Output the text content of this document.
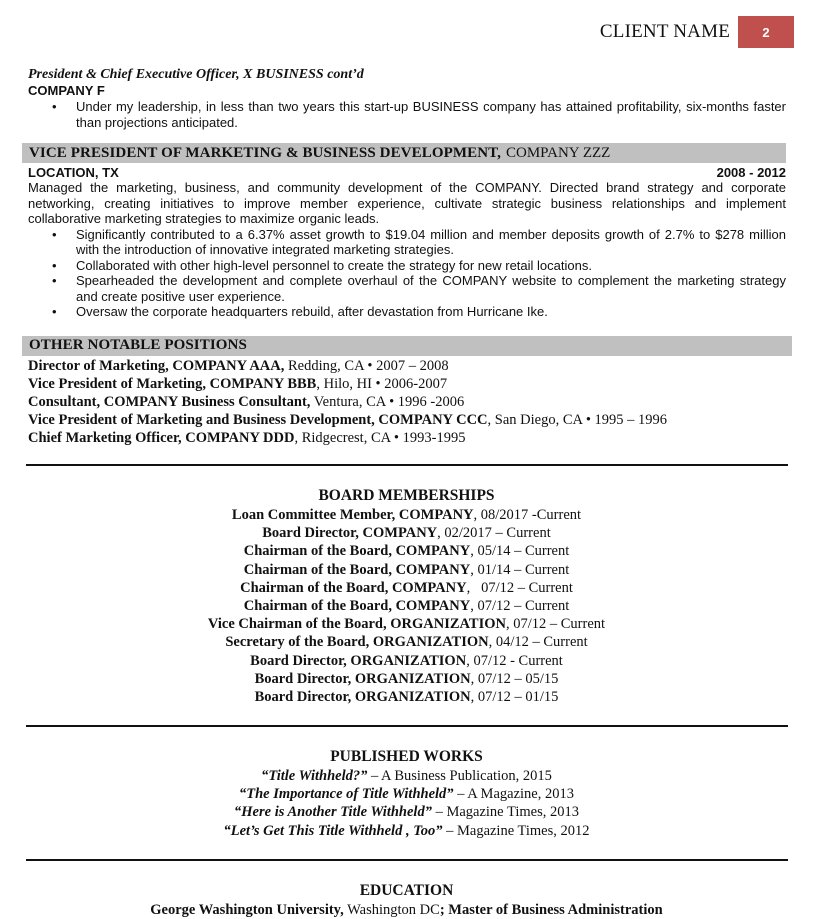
CLIENT NAME	2
President & Chief Executive Officer, X BUSINESS cont’d
COMPANY F
• Under my leadership, in less than two years this start-up BUSINESS company has attained profitability, six-months faster than projections anticipated.
VICE PRESIDENT OF MARKETING & BUSINESS DEVELOPMENT, COMPANY ZZZ
LOCATION, TX	2008 - 2012
Managed the marketing, business, and community development of the COMPANY. Directed brand strategy and corporate networking, creating initiatives to improve member experience, cultivate strategic business relationships and implement collaborative marketing strategies to maximize organic leads.
• Significantly contributed to a 6.37% asset growth to $19.04 million and member deposits growth of 2.7% to $278 million with the introduction of innovative integrated marketing strategies.
• Collaborated with other high-level personnel to create the strategy for new retail locations.
• Spearheaded the development and complete overhaul of the COMPANY website to complement the marketing strategy and create positive user experience.
• Oversaw the corporate headquarters rebuild, after devastation from Hurricane Ike.
OTHER NOTABLE POSITIONS
Director of Marketing, COMPANY AAA, Redding, CA • 2007 – 2008
Vice President of Marketing, COMPANY BBB, Hilo, HI • 2006-2007
Consultant, COMPANY Business Consultant, Ventura, CA • 1996 -2006
Vice President of Marketing and Business Development, COMPANY CCC, San Diego, CA • 1995 – 1996
Chief Marketing Officer, COMPANY DDD, Ridgecrest, CA • 1993-1995
BOARD MEMBERSHIPS
Loan Committee Member, COMPANY, 08/2017 -Current
Board Director, COMPANY, 02/2017 – Current
Chairman of the Board, COMPANY, 05/14 – Current
Chairman of the Board, COMPANY, 01/14 – Current
Chairman of the Board, COMPANY,   07/12 – Current
Chairman of the Board, COMPANY, 07/12 – Current
Vice Chairman of the Board, ORGANIZATION, 07/12 – Current
Secretary of the Board, ORGANIZATION, 04/12 – Current
Board Director, ORGANIZATION, 07/12 - Current
Board Director, ORGANIZATION, 07/12 – 05/15
Board Director, ORGANIZATION, 07/12 – 01/15
PUBLISHED WORKS
“Title Withheld?” – A Business Publication, 2015
“The Importance of Title Withheld” – A Magazine, 2013
“Here is Another Title Withheld” – Magazine Times, 2013
“Let’s Get This Title Withheld , Too” – Magazine Times, 2012
EDUCATION
George Washington University, Washington DC; Master of Business Administration
